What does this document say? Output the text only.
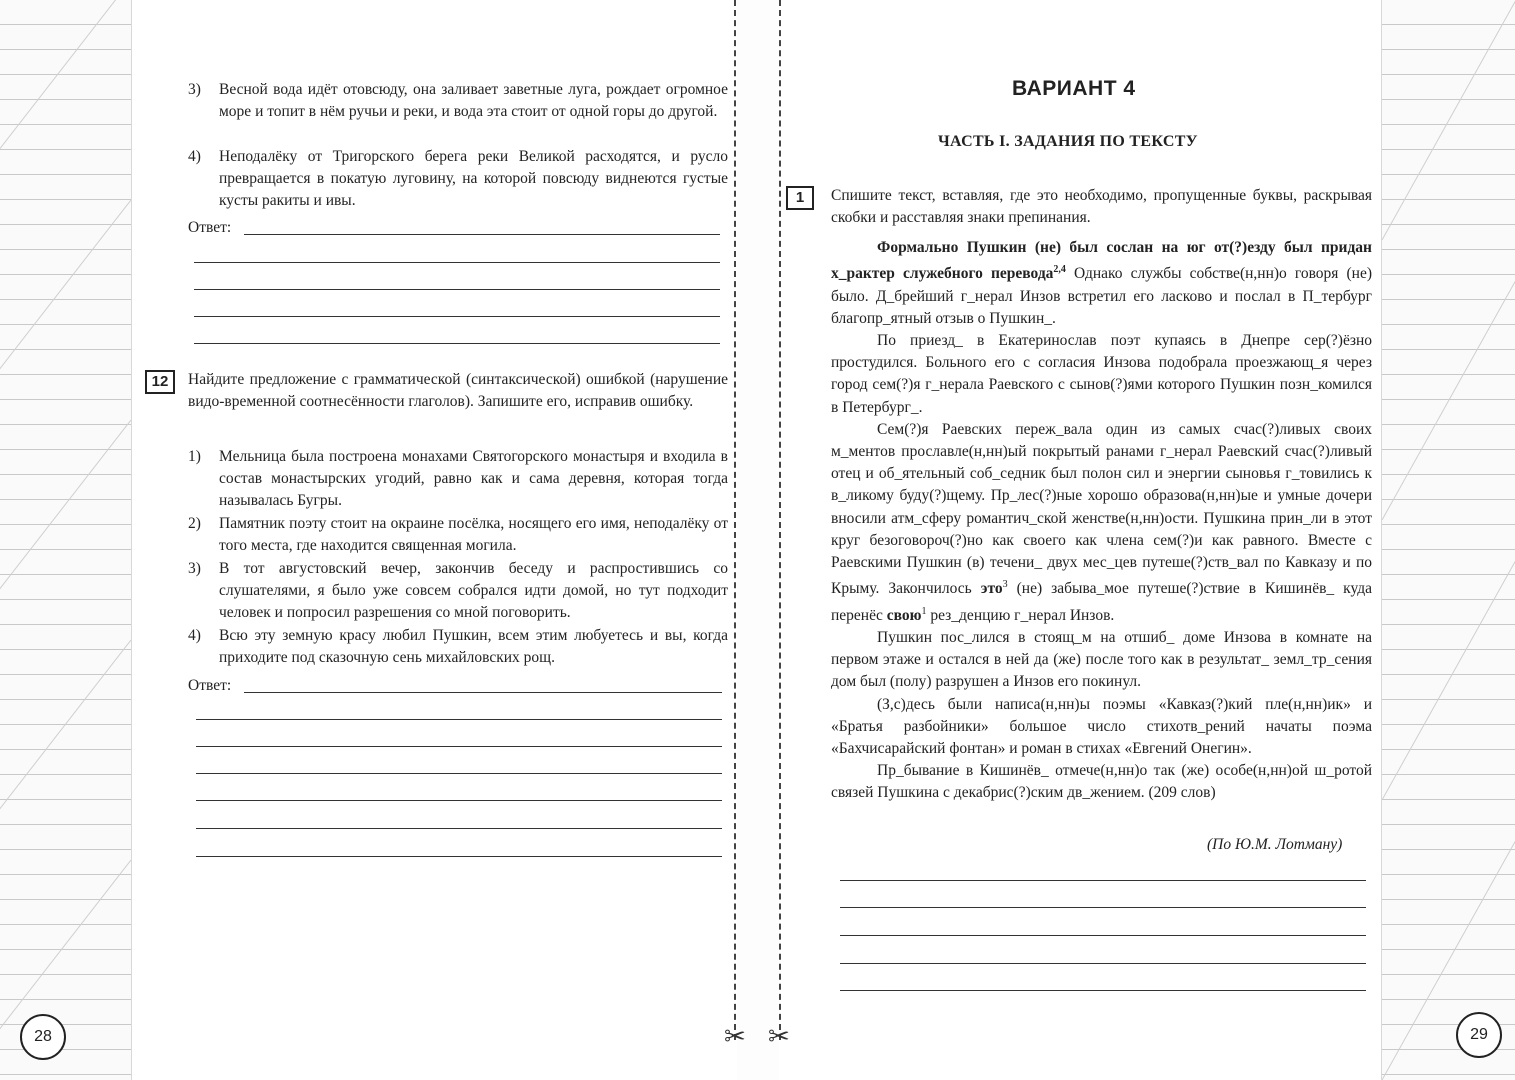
✂ ✂
28	29
3) Весной вода идёт отовсюду, она заливает заветные луга, рождает огромное море и топит в нём ручьи и реки, и вода эта стоит от одной горы до другой.
4) Неподалёку от Тригорского берега реки Великой расходятся, и русло превращается в покатую луговину, на которой повсюду виднеются густые кусты ракиты и ивы.
Ответ:
12	Найдите предложение с грамматической (синтаксической) ошибкой (нарушение видо-временной соотнесённости глаголов). Запишите его, исправив ошибку.
1) Мельница была построена монахами Святогорского монастыря и входила в состав монастырских угодий, равно как и сама деревня, которая тогда называлась Бугры.
2) Памятник поэту стоит на окраине посёлка, носящего его имя, неподалёку от того места, где находится священная могила.
3) В тот августовский вечер, закончив беседу и распростившись со слушателями, я было уже совсем собрался идти домой, но тут подходит человек и попросил разрешения со мной поговорить.
4) Всю эту земную красу любил Пушкин, всем этим любуетесь и вы, когда приходите под сказочную сень михайловских рощ.
Ответ:
ВАРИАНТ 4
ЧАСТЬ I. ЗАДАНИЯ ПО ТЕКСТУ
1	Спишите текст, вставляя, где это необходимо, пропущенные буквы, раскрывая скобки и расставляя знаки препинания.

Формально Пушкин (не) был сослан на юг от(?)езду был придан х_рактер служебного перевода$^{2,4}$ Однако службы собстве(н,нн)о говоря (не) было. Д_брейший г_нерал Инзов встретил его ласково и послал в П_тербург благопр_ятный отзыв о Пушкин_.

По приезд_ в Екатеринослав поэт купаясь в Днепре сер(?)ёзно простудился. Больного его с согласия Инзова подобрала проезжающ_я через город сем(?)я г_нерала Раевского с сынов(?)ями которого Пушкин позн_комился в Петербург_.

Сем(?)я Раевских переж_вала один из самых счас(?)ливых своих м_ментов прославле(н,нн)ый покрытый ранами г_нерал Раевский счас(?)ливый отец и об_ятельный соб_седник был полон сил и энергии сыновья г_товились к в_ликому буду(?)щему. Пр_лес(?)ные хорошо образова(н,нн)ые и умные дочери вносили атм_сферу романтич_ской женстве(н,нн)ости. Пушкина прин_ли в этот круг безоговороч(?)но как своего как члена сем(?)и как равного. Вместе с Раевскими Пушкин (в) течени_ двух мес_цев путеше(?)ств_вал по Кавказу и по Крыму. Закончилось это$^3$ (не) забыва_мое путеше(?)ствие в Кишинёв_ куда перенёс свою$^1$ рез_денцию г_нерал Инзов.

Пушкин пос_лился в стоящ_м на отшиб_ доме Инзова в комнате на первом этаже и остался в ней да (же) после того как в результат_ земл_тр_сения дом был (полу) разрушен а Инзов его покинул.

(З,с)десь были написа(н,нн)ы поэмы «Кавказ(?)кий пле(н,нн)ик» и «Братья разбойники» большое число стихотв_рений начаты поэма «Бахчисарайский фонтан» и роман в стихах «Евгений Онегин».

Пр_бывание в Кишинёв_ отмече(н,нн)о так (же) особе(н,нн)ой ш_ротой связей Пушкина с декабрис(?)ским дв_жением. (209 слов)

(По Ю.М. Лотману)
